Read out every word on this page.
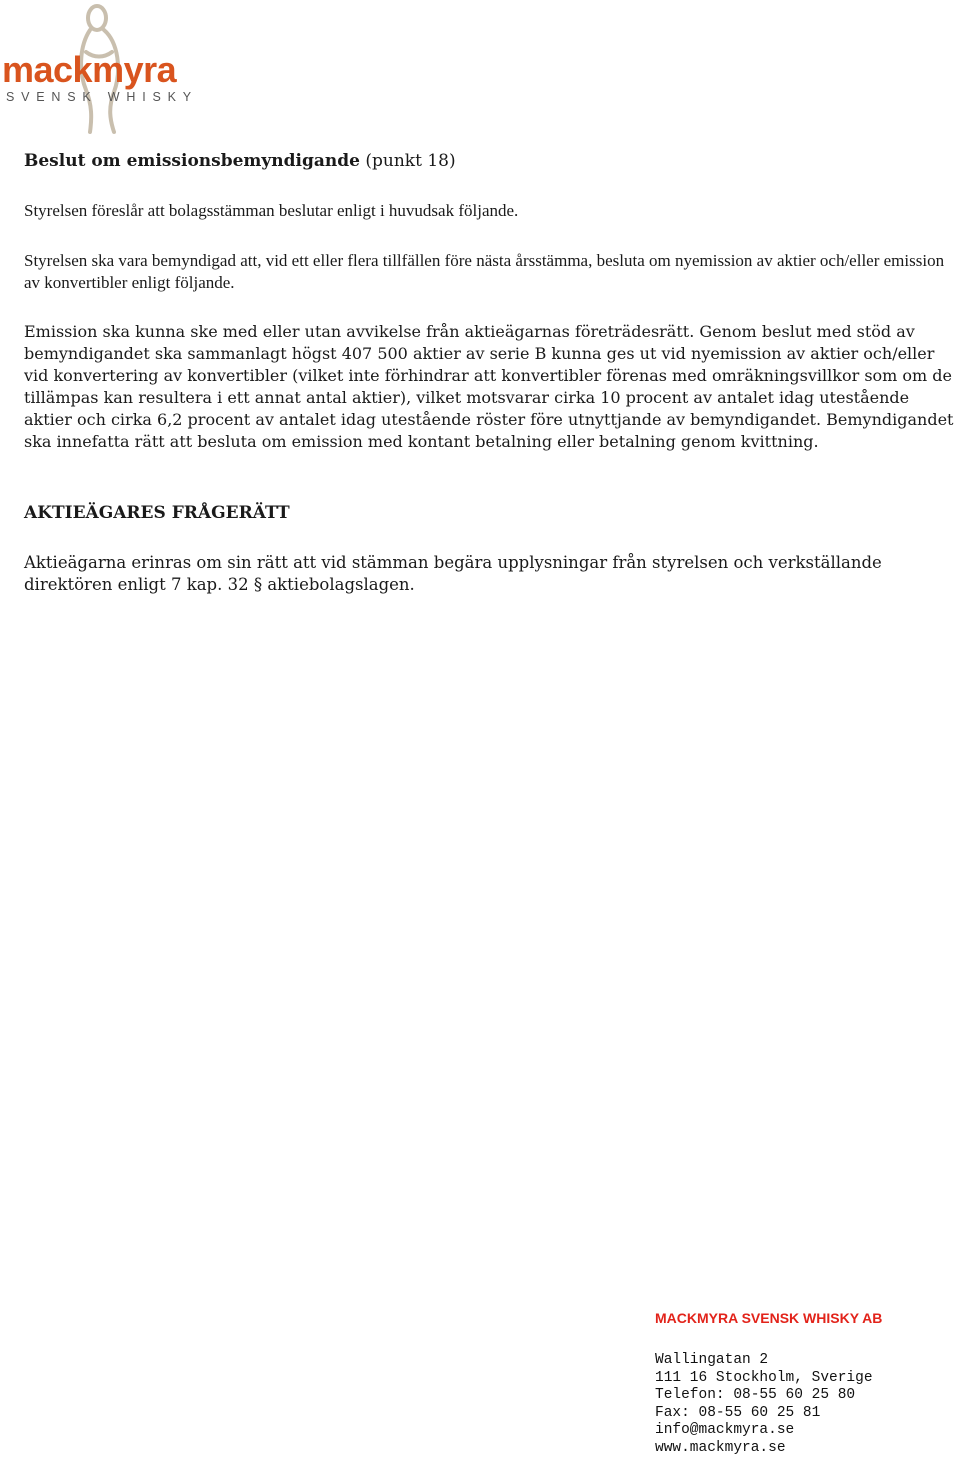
mackmyra
SVENSK WHISKY

Beslut om emissionsbemyndigande (punkt 18)

Styrelsen föreslår att bolagsstämman beslutar enligt i huvudsak följande.

Styrelsen ska vara bemyndigad att, vid ett eller flera tillfällen före nästa årsstämma, besluta om nyemission av aktier och/eller emission av konvertibler enligt följande.

Emission ska kunna ske med eller utan avvikelse från aktieägarnas företrädesrätt. Genom beslut med stöd av bemyndigandet ska sammanlagt högst 407 500 aktier av serie B kunna ges ut vid nyemission av aktier och/eller vid konvertering av konvertibler (vilket inte förhindrar att konvertibler förenas med omräkningsvillkor som om de tillämpas kan resultera i ett annat antal aktier), vilket motsvarar cirka 10 procent av antalet idag utestående aktier och cirka 6,2 procent av antalet idag utestående röster före utnyttjande av bemyndigandet. Bemyndigandet ska innefatta rätt att besluta om emission med kontant betalning eller betalning genom kvittning.

AKTIEÄGARES FRÅGERÄTT

Aktieägarna erinras om sin rätt att vid stämman begära upplysningar från styrelsen och verkställande direktören enligt 7 kap. 32 § aktiebolagslagen.

MACKMYRA SVENSK WHISKY AB

Wallingatan 2
111 16 Stockholm, Sverige
Telefon: 08-55 60 25 80
Fax: 08-55 60 25 81
info@mackmyra.se
www.mackmyra.se
